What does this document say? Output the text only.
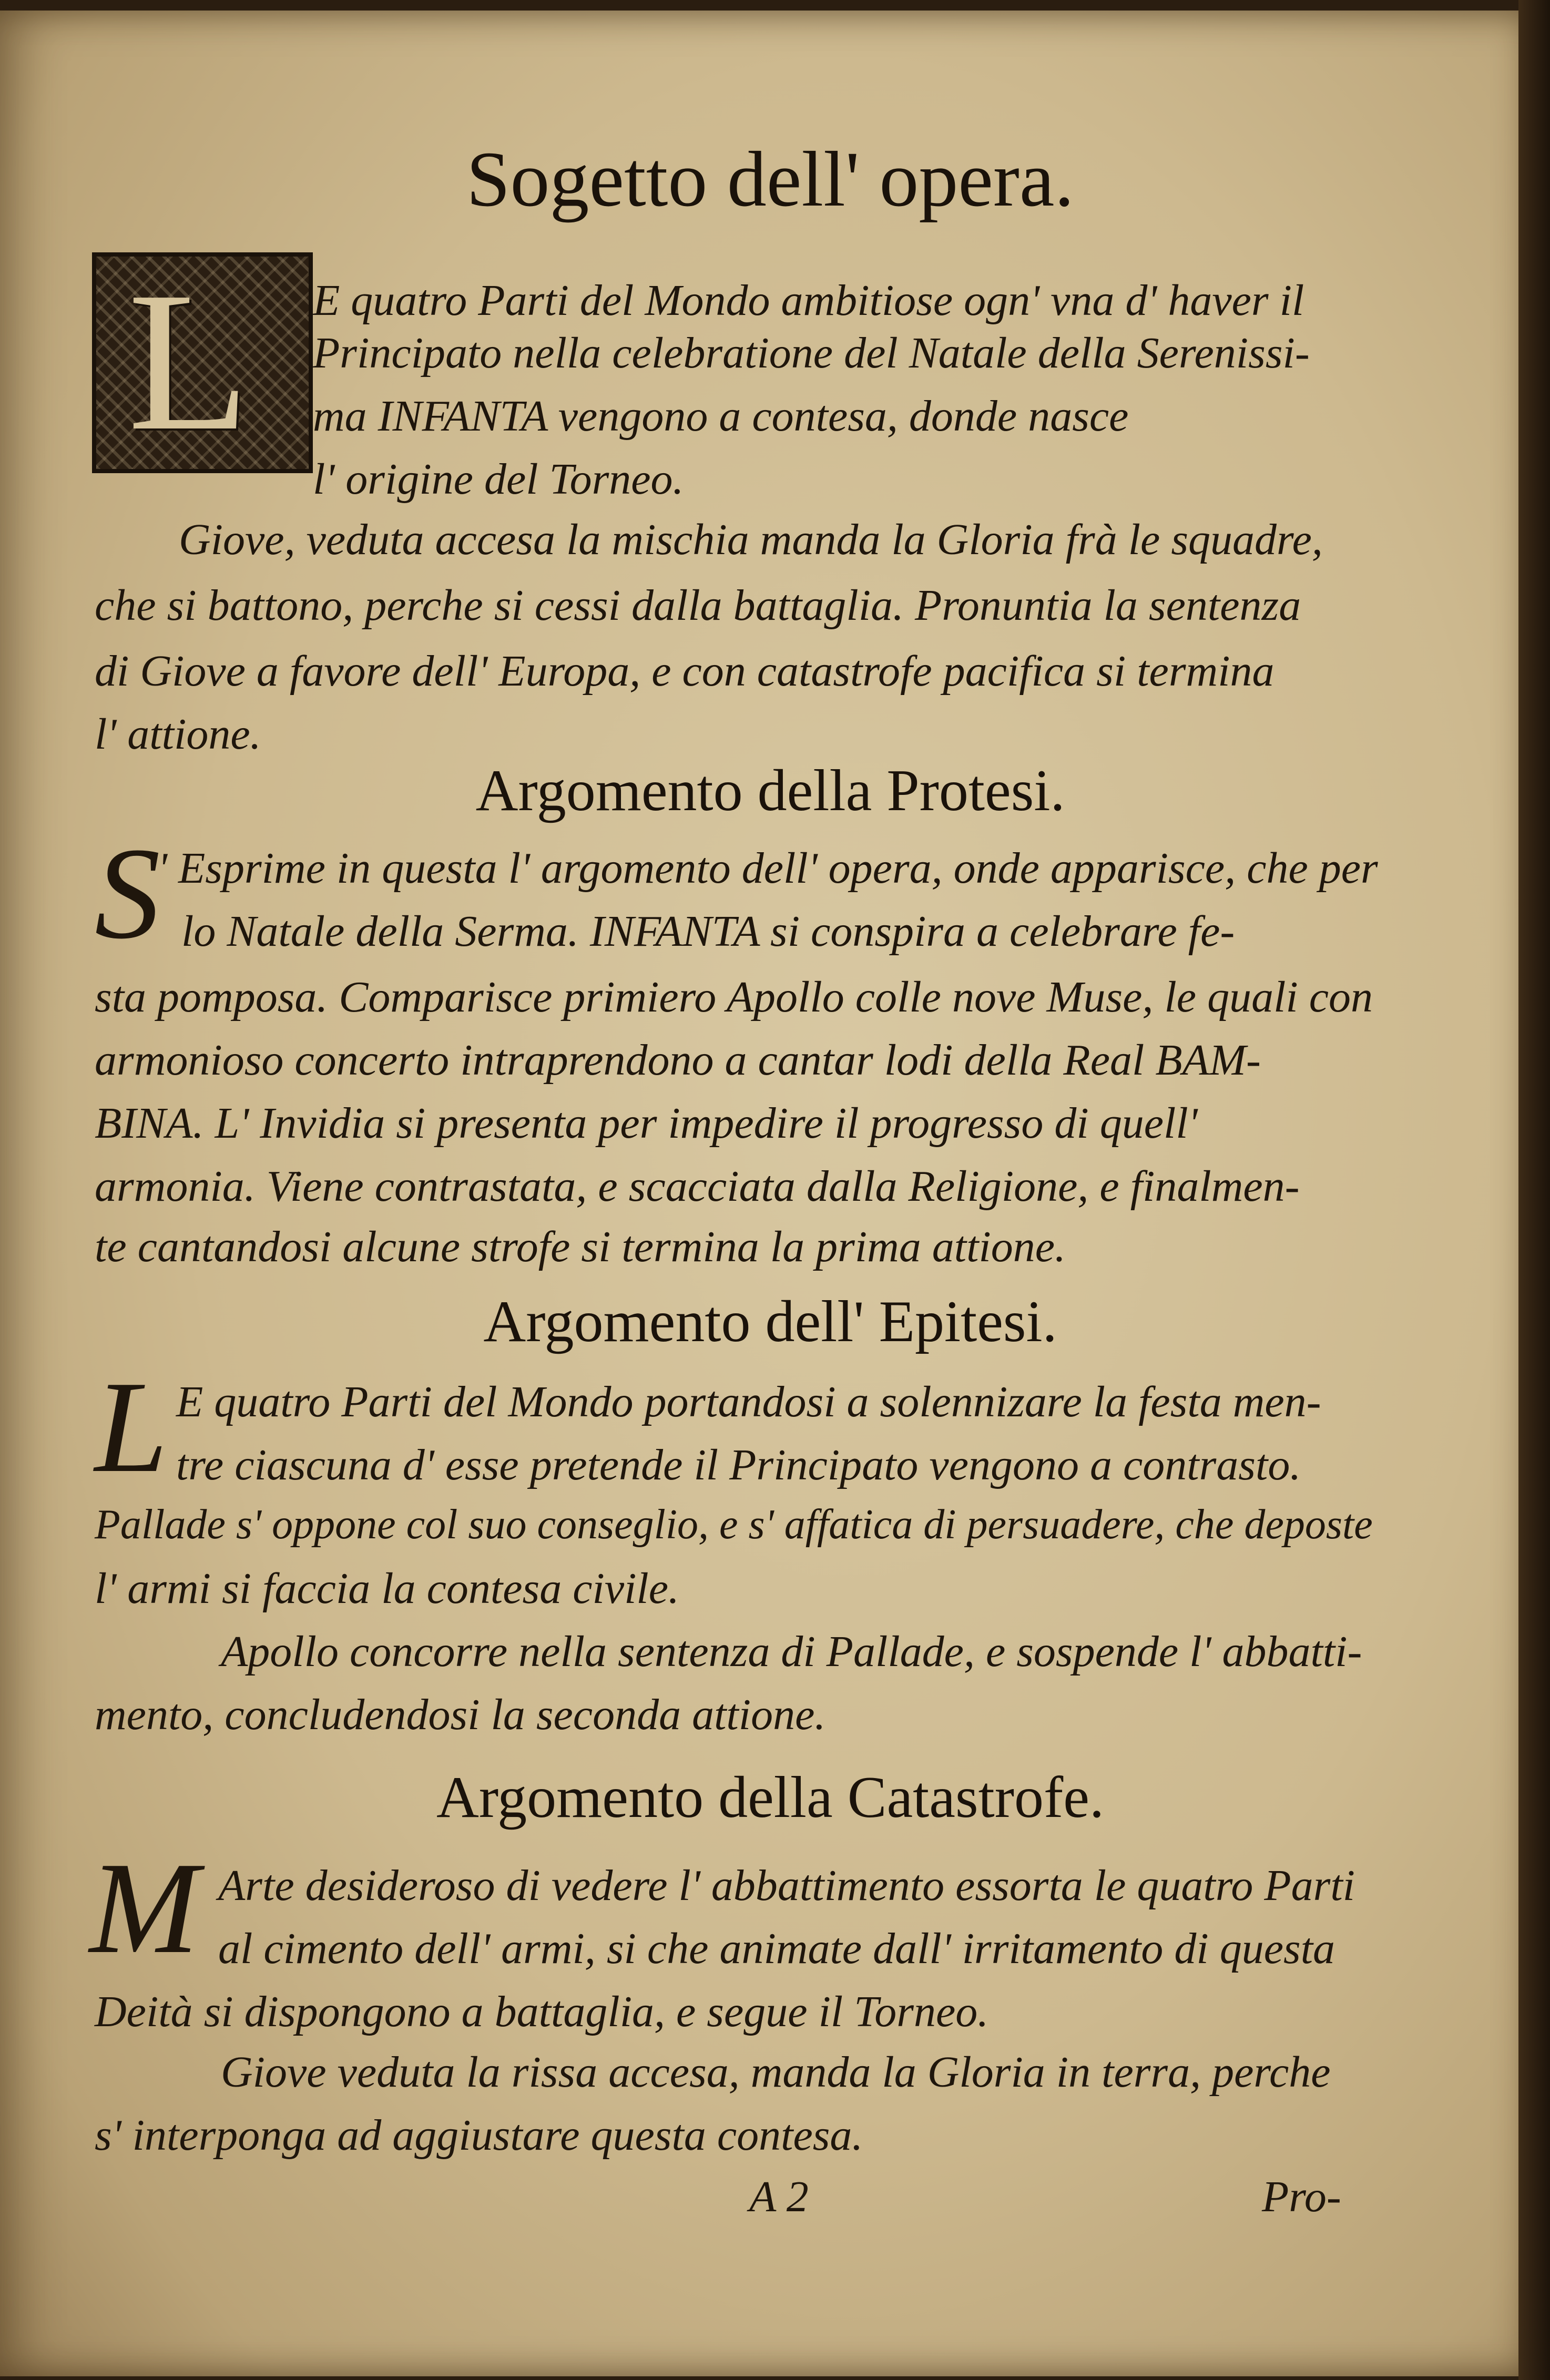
Sogetto dell' opera.
L E quatro Parti del Mondo ambitiose ogn' vna d' haver il

Principato nella celebratione del Natale della Serenissi-

ma INFANTA vengono a contesa, donde nasce

l' origine del Torneo.

Giove, veduta accesa la mischia manda la Gloria frà le squadre,

che si battono, perche si cessi dalla battaglia. Pronuntia la sentenza

di Giove a favore dell' Europa, e con catastrofe pacifica si termina

l' attione.

Argomento della Protesi.
S

' Esprime in questa l' argomento dell' opera, onde apparisce, che per

lo Natale della Serma. INFANTA si conspira a celebrare fe-

sta pomposa. Comparisce primiero Apollo colle nove Muse, le quali con

armonioso concerto intraprendono a cantar lodi della Real BAM-

BINA. L' Invidia si presenta per impedire il progresso di quell'

armonia. Viene contrastata, e scacciata dalla Religione, e finalmen-

te cantandosi alcune strofe si termina la prima attione.

Argomento dell' Epitesi.
L E quatro Parti del Mondo portandosi a solennizare la festa men-

tre ciascuna d' esse pretende il Principato vengono a contrasto.

Pallade s' oppone col suo conseglio, e s' affatica di persuadere, che deposte

l' armi si faccia la contesa civile.

Apollo concorre nella sentenza di Pallade, e sospende l' abbatti-

mento, concludendosi la seconda attione.

Argomento della Catastrofe.
M Arte desideroso di vedere l' abbattimento essorta le quatro Parti

al cimento dell' armi, si che animate dall' irritamento di questa

Deità si dispongono a battaglia, e segue il Torneo.

Giove veduta la rissa accesa, manda la Gloria in terra, perche

s' interponga ad aggiustare questa contesa.

A 2	Pro-
